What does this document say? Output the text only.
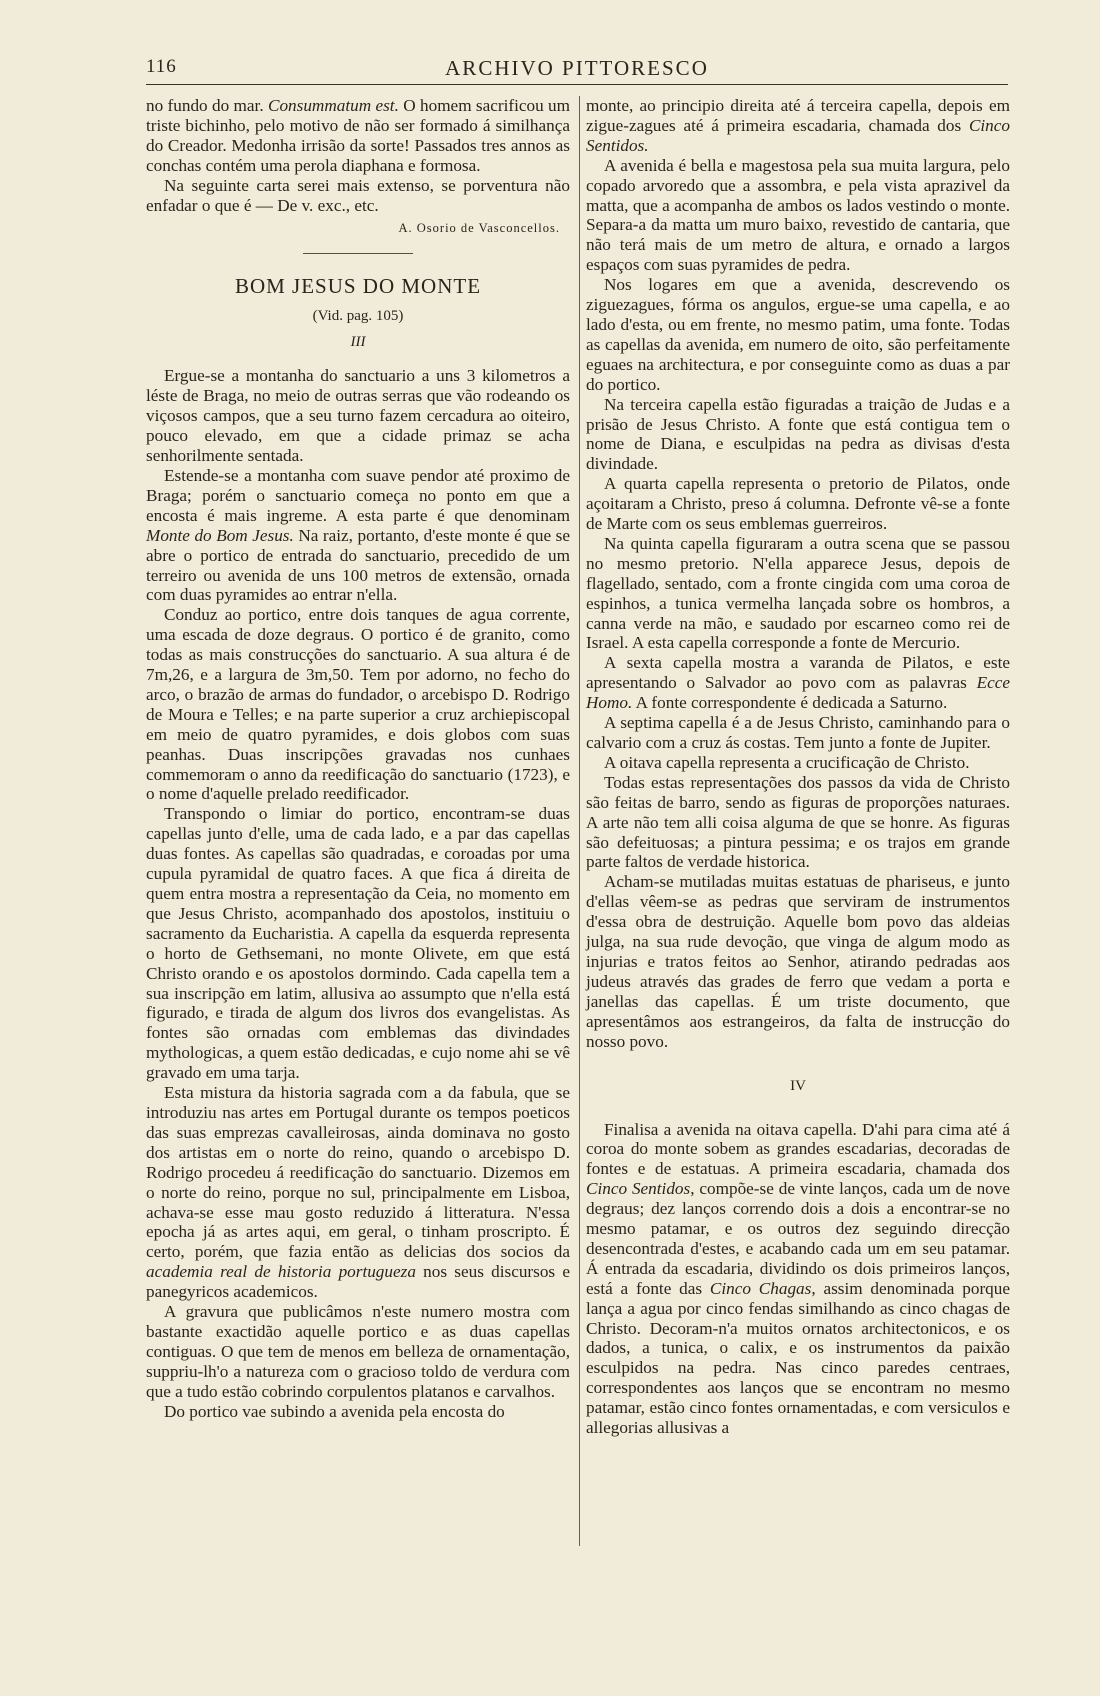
116	ARCHIVO PITTORESCO

no fundo do mar. Consummatum est. O homem sacrificou um triste bichinho, pelo motivo de não ser formado á similhança do Creador. Medonha irrisão da sorte! Passados tres annos as conchas contém uma perola diaphana e formosa.

Na seguinte carta serei mais extenso, se porventura não enfadar o que é — De v. exc., etc.

A. Osorio de Vasconcellos.
BOM JESUS DO MONTE
(Vid. pag. 105)
III

Ergue-se a montanha do sanctuario a uns 3 kilometros a léste de Braga, no meio de outras serras que vão rodeando os viçosos campos, que a seu turno fazem cercadura ao oiteiro, pouco elevado, em que a cidade primaz se acha senhorilmente sentada.

Estende-se a montanha com suave pendor até proximo de Braga; porém o sanctuario começa no ponto em que a encosta é mais ingreme. A esta parte é que denominam Monte do Bom Jesus. Na raiz, portanto, d'este monte é que se abre o portico de entrada do sanctuario, precedido de um terreiro ou avenida de uns 100 metros de extensão, ornada com duas pyramides ao entrar n'ella.

Conduz ao portico, entre dois tanques de agua corrente, uma escada de doze degraus. O portico é de granito, como todas as mais construcções do sanctuario. A sua altura é de 7m,26, e a largura de 3m,50. Tem por adorno, no fecho do arco, o brazão de armas do fundador, o arcebispo D. Rodrigo de Moura e Telles; e na parte superior a cruz archiepiscopal em meio de quatro pyramides, e dois globos com suas peanhas. Duas inscripções gravadas nos cunhaes commemoram o anno da reedificação do sanctuario (1723), e o nome d'aquelle prelado reedificador.

Transpondo o limiar do portico, encontram-se duas capellas junto d'elle, uma de cada lado, e a par das capellas duas fontes. As capellas são quadradas, e coroadas por uma cupula pyramidal de quatro faces. A que fica á direita de quem entra mostra a representação da Ceia, no momento em que Jesus Christo, acompanhado dos apostolos, instituiu o sacramento da Eucharistia. A capella da esquerda representa o horto de Gethsemani, no monte Olivete, em que está Christo orando e os apostolos dormindo. Cada capella tem a sua inscripção em latim, allusiva ao assumpto que n'ella está figurado, e tirada de algum dos livros dos evangelistas. As fontes são ornadas com emblemas das divindades mythologicas, a quem estão dedicadas, e cujo nome ahi se vê gravado em uma tarja.

Esta mistura da historia sagrada com a da fabula, que se introduziu nas artes em Portugal durante os tempos poeticos das suas emprezas cavalleirosas, ainda dominava no gosto dos artistas em o norte do reino, quando o arcebispo D. Rodrigo procedeu á reedificação do sanctuario. Dizemos em o norte do reino, porque no sul, principalmente em Lisboa, achava-se esse mau gosto reduzido á litteratura. N'essa epocha já as artes aqui, em geral, o tinham proscripto. É certo, porém, que fazia então as delicias dos socios da academia real de historia portugueza nos seus discursos e panegyricos academicos.

A gravura que publicâmos n'este numero mostra com bastante exactidão aquelle portico e as duas capellas contiguas. O que tem de menos em belleza de ornamentação, suppriu-lh'o a natureza com o gracioso toldo de verdura com que a tudo estão cobrindo corpulentos platanos e carvalhos.

Do portico vae subindo a avenida pela encosta do

monte, ao principio direita até á terceira capella, depois em zigue-zagues até á primeira escadaria, chamada dos Cinco Sentidos.

A avenida é bella e magestosa pela sua muita largura, pelo copado arvoredo que a assombra, e pela vista aprazivel da matta, que a acompanha de ambos os lados vestindo o monte. Separa-a da matta um muro baixo, revestido de cantaria, que não terá mais de um metro de altura, e ornado a largos espaços com suas pyramides de pedra.

Nos logares em que a avenida, descrevendo os ziguezagues, fórma os angulos, ergue-se uma capella, e ao lado d'esta, ou em frente, no mesmo patim, uma fonte. Todas as capellas da avenida, em numero de oito, são perfeitamente eguaes na architectura, e por conseguinte como as duas a par do portico.

Na terceira capella estão figuradas a traição de Judas e a prisão de Jesus Christo. A fonte que está contigua tem o nome de Diana, e esculpidas na pedra as divisas d'esta divindade.

A quarta capella representa o pretorio de Pilatos, onde açoitaram a Christo, preso á columna. Defronte vê-se a fonte de Marte com os seus emblemas guerreiros.

Na quinta capella figuraram a outra scena que se passou no mesmo pretorio. N'ella apparece Jesus, depois de flagellado, sentado, com a fronte cingida com uma coroa de espinhos, a tunica vermelha lançada sobre os hombros, a canna verde na mão, e saudado por escarneo como rei de Israel. A esta capella corresponde a fonte de Mercurio.

A sexta capella mostra a varanda de Pilatos, e este apresentando o Salvador ao povo com as palavras Ecce Homo. A fonte correspondente é dedicada a Saturno.

A septima capella é a de Jesus Christo, caminhando para o calvario com a cruz ás costas. Tem junto a fonte de Jupiter.

A oitava capella representa a crucificação de Christo.

Todas estas representações dos passos da vida de Christo são feitas de barro, sendo as figuras de proporções naturaes. A arte não tem alli coisa alguma de que se honre. As figuras são defeituosas; a pintura pessima; e os trajos em grande parte faltos de verdade historica.

Acham-se mutiladas muitas estatuas de phariseus, e junto d'ellas vêem-se as pedras que serviram de instrumentos d'essa obra de destruição. Aquelle bom povo das aldeias julga, na sua rude devoção, que vinga de algum modo as injurias e tratos feitos ao Senhor, atirando pedradas aos judeus através das grades de ferro que vedam a porta e janellas das capellas. É um triste documento, que apresentâmos aos estrangeiros, da falta de instrucção do nosso povo.

IV

Finalisa a avenida na oitava capella. D'ahi para cima até á coroa do monte sobem as grandes escadarias, decoradas de fontes e de estatuas. A primeira escadaria, chamada dos Cinco Sentidos, compõe-se de vinte lanços, cada um de nove degraus; dez lanços correndo dois a dois a encontrar-se no mesmo patamar, e os outros dez seguindo direcção desencontrada d'estes, e acabando cada um em seu patamar. Á entrada da escadaria, dividindo os dois primeiros lanços, está a fonte das Cinco Chagas, assim denominada porque lança a agua por cinco fendas similhando as cinco chagas de Christo. Decoram-n'a muitos ornatos architectonicos, e os dados, a tunica, o calix, e os instrumentos da paixão esculpidos na pedra. Nas cinco paredes centraes, correspondentes aos lanços que se encontram no mesmo patamar, estão cinco fontes ornamentadas, e com versiculos e allegorias allusivas a
